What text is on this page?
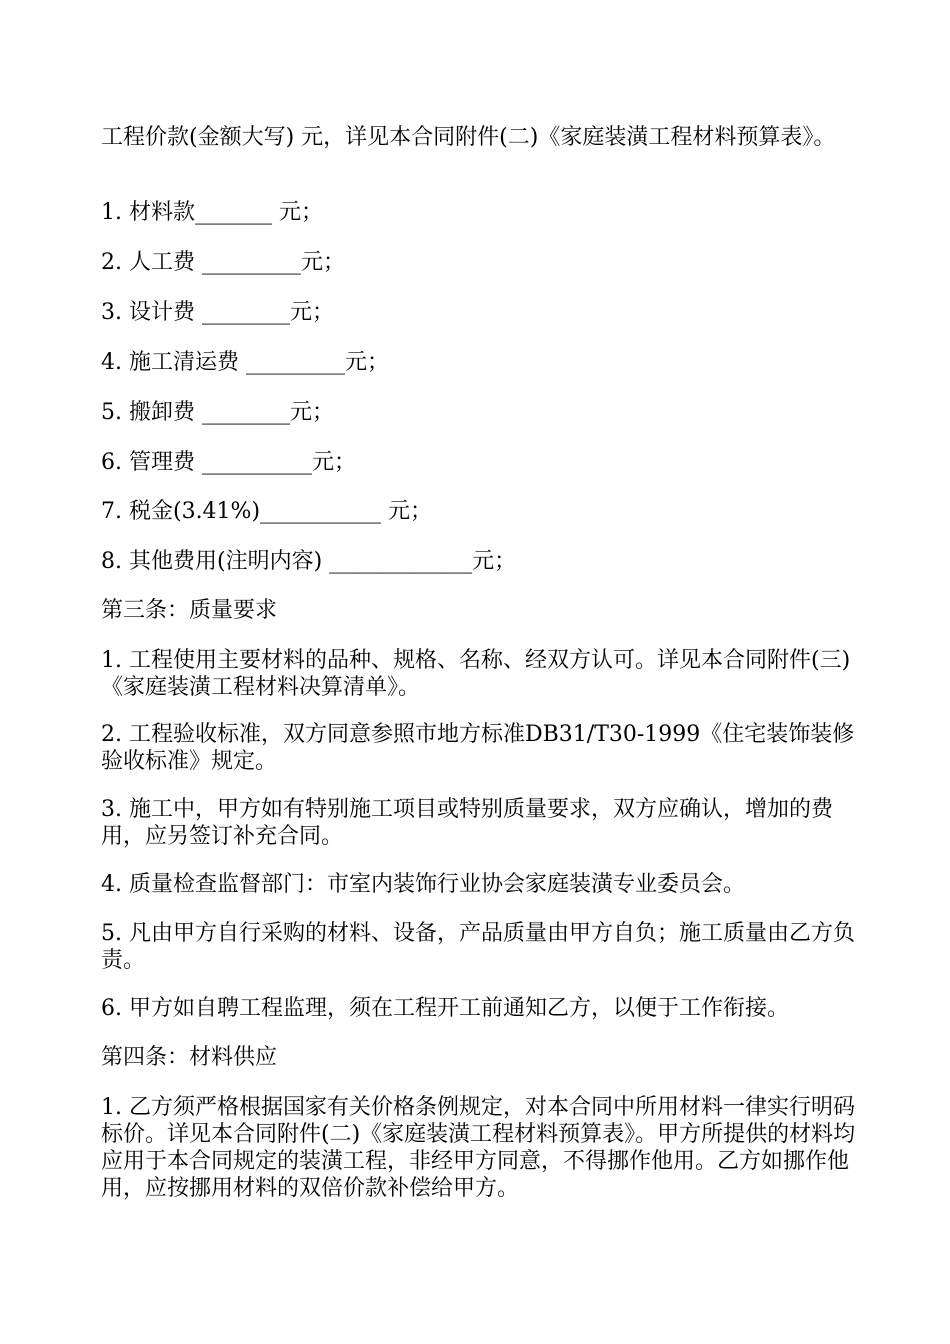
工程价款(金额大写) 元，详见本合同附件(二)《家庭装潢工程材料预算表》。

1. 材料款_______ 元；

2. 人工费 _________元；

3. 设计费 ________元；

4. 施工清运费 _________元；

5. 搬卸费 ________元；

6. 管理费 __________元；

7. 税金(3.41%)___________ 元；

8. 其他费用(注明内容) _____________元；

第三条：质量要求

1. 工程使用主要材料的品种、规格、名称、经双方认可。详见本合同附件(三)《家庭装潢工程材料决算清单》。

2. 工程验收标准，双方同意参照市地方标准DB31/T30-1999《住宅装饰装修验收标准》规定。

3. 施工中，甲方如有特别施工项目或特别质量要求，双方应确认，增加的费用，应另签订补充合同。

4. 质量检查监督部门：市室内装饰行业协会家庭装潢专业委员会。

5. 凡由甲方自行采购的材料、设备，产品质量由甲方自负；施工质量由乙方负责。

6. 甲方如自聘工程监理，须在工程开工前通知乙方，以便于工作衔接。

第四条：材料供应

1. 乙方须严格根据国家有关价格条例规定，对本合同中所用材料一律实行明码标价。详见本合同附件(二)《家庭装潢工程材料预算表》。甲方所提供的材料均应用于本合同规定的装潢工程，非经甲方同意，不得挪作他用。乙方如挪作他用，应按挪用材料的双倍价款补偿给甲方。
